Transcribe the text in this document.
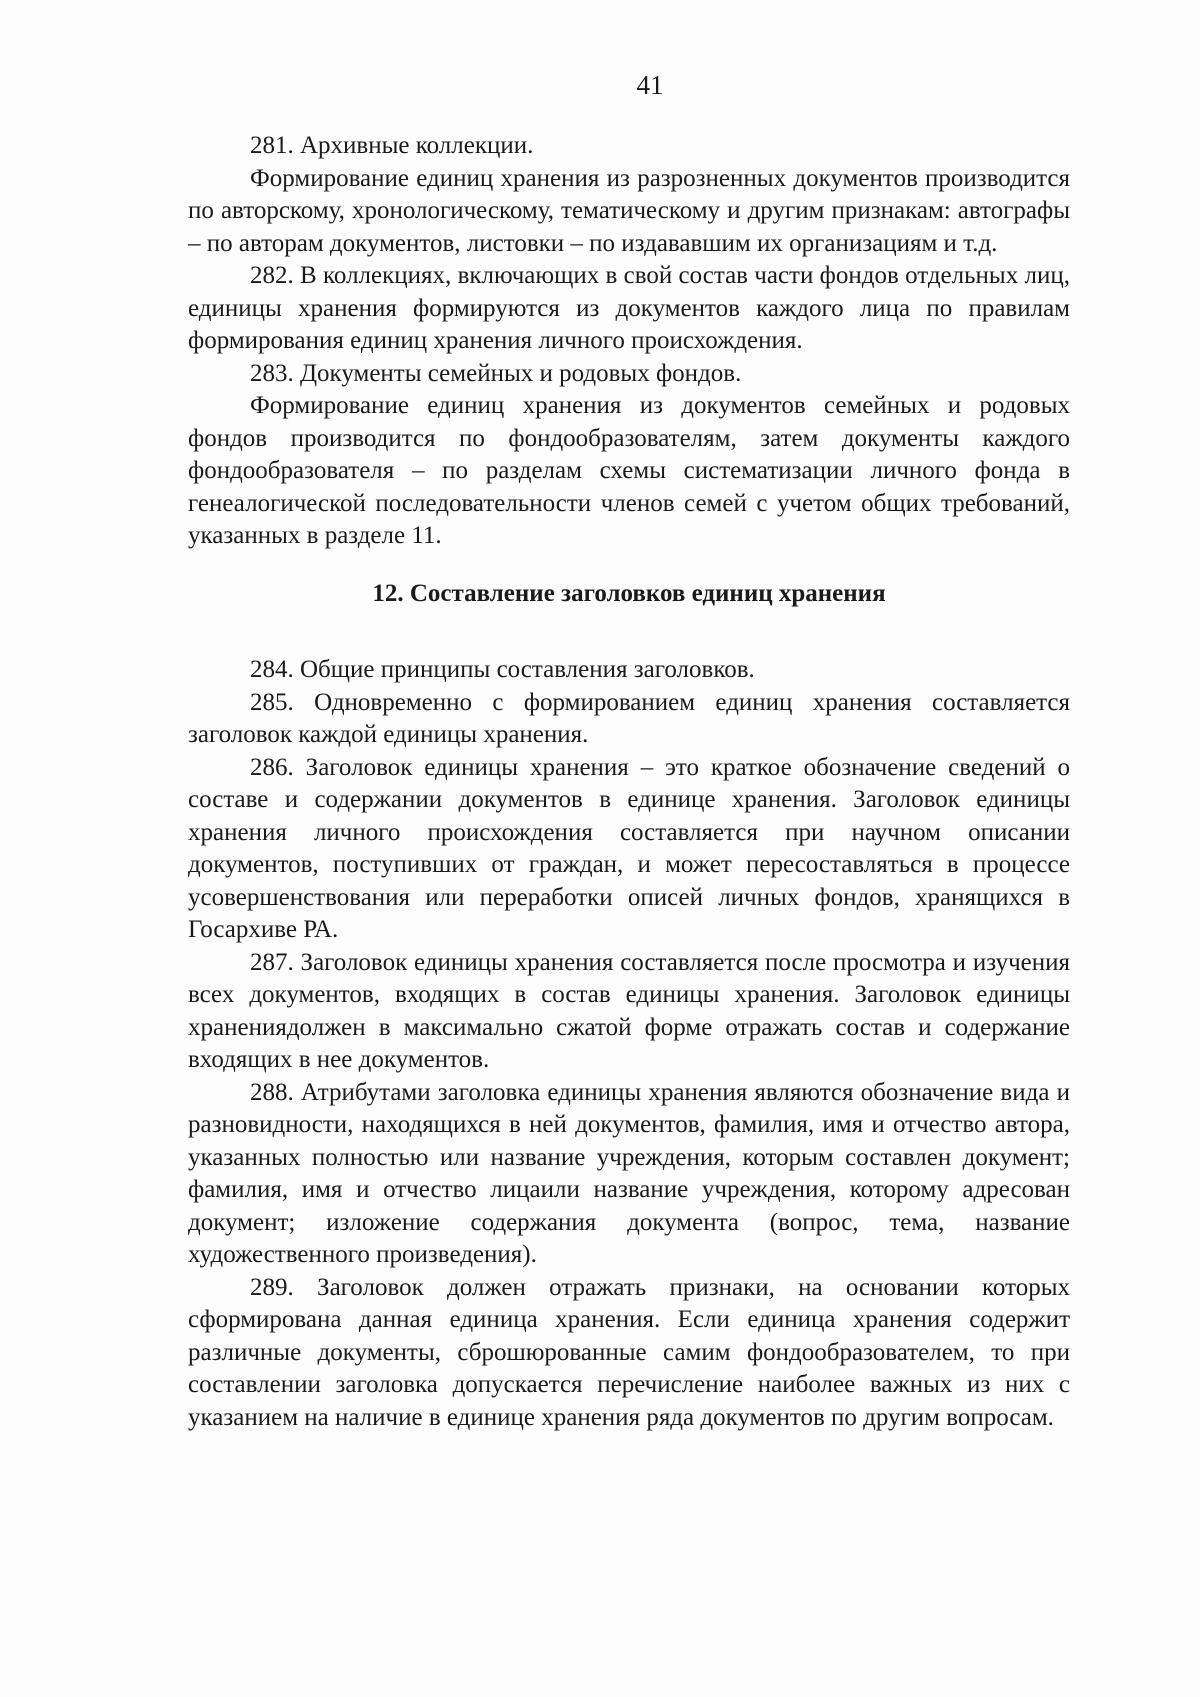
41

281. Архивные коллекции.

Формирование единиц хранения из разрозненных документов производится по авторскому, хронологическому, тематическому и другим признакам: автографы – по авторам документов, листовки – по издававшим их организациям и т.д.

282. В коллекциях, включающих в свой состав части фондов отдельных лиц, единицы хранения формируются из документов каждого лица по правилам формирования единиц хранения личного происхождения.

283. Документы семейных и родовых фондов.

Формирование единиц хранения из документов семейных и родовых фондов производится по фондообразователям, затем документы каждого фондообразователя – по разделам схемы систематизации личного фонда в генеалогической последовательности членов семей с учетом общих требований, указанных в разделе 11.

12. Составление заголовков единиц хранения

284. Общие принципы составления заголовков.

285. Одновременно с формированием единиц хранения составляется заголовок каждой единицы хранения.

286. Заголовок единицы хранения – это краткое обозначение сведений о составе и содержании документов в единице хранения. Заголовок единицы хранения личного происхождения составляется при научном описании документов, поступивших от граждан, и может пересоставляться в процессе усовершенствования или переработки описей личных фондов, хранящихся в Госархиве РА.

287. Заголовок единицы хранения составляется после просмотра и изучения всех документов, входящих в состав единицы хранения. Заголовок единицы хранениядолжен в максимально сжатой форме отражать состав и содержание входящих в нее документов.

288. Атрибутами заголовка единицы хранения являются обозначение вида и разновидности, находящихся в ней документов, фамилия, имя и отчество автора, указанных полностью или название учреждения, которым составлен документ; фамилия, имя и отчество лицаили название учреждения, которому адресован документ; изложение содержания документа (вопрос, тема, название художественного произведения).

289. Заголовок должен отражать признаки, на основании которых сформирована данная единица хранения. Если единица хранения содержит различные документы, сброшюрованные самим фондообразователем, то при составлении заголовка допускается перечисление наиболее важных из них с указанием на наличие в единице хранения ряда документов по другим вопросам.
